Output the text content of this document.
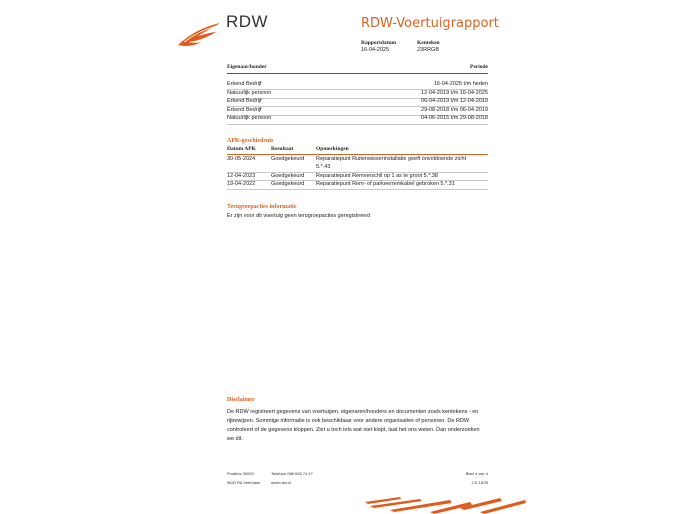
RDW	RDW-Voertuigrapport
Rapportdatum
16-04-2025
Kenteken
23RRGB
Eigenaar/houder	Periode
Erkend Bedrijf	16-04-2025 t/m heden
Natuurlijk persoon	12-04-2019 t/m 16-04-2025
Erkend Bedrijf	06-04-2019 t/m 12-04-2019
Erkend Bedrijf	29-08-2018 t/m 06-04-2019
Natuurlijk persoon	04-06-2015 t/m 29-08-2018
APK-geschiedenis
Datum APK	Resultaat	Opmerkingen
30-05-2024	Goedgekeurd Reparatiepunt Ruitenwisserinstallatie geeft onvoldoende zicht
5.*.43
12-04-2023	Goedgekeurd Reparatiepunt Remverschil op 1 as te groot 5.*.38
19-04-2022	Goedgekeurd Reparatiepunt Rem- of parkeerremkabel gebroken 5.*.31
Terugroepacties informatie
Er zijn voor dit voertuig geen terugroepacties geregistreerd
Disclaimer
De RDW registreert gegevens van voertuigen, eigenaren/houders en documenten zoals kentekens - en
rijbewijzen. Sommige informatie is ook beschikbaar voor andere organisaties of personen. De RDW
controleert of de gegevens kloppen. Ziet u toch iets wat niet klopt, laat het ons weten. Dan onderzoeken
we dit.
Postbus 30000
9640 RA Veendam
Telefoon 088 008 74 47
www.rdw.nl
Blad 4 van 4
2 E 187B
